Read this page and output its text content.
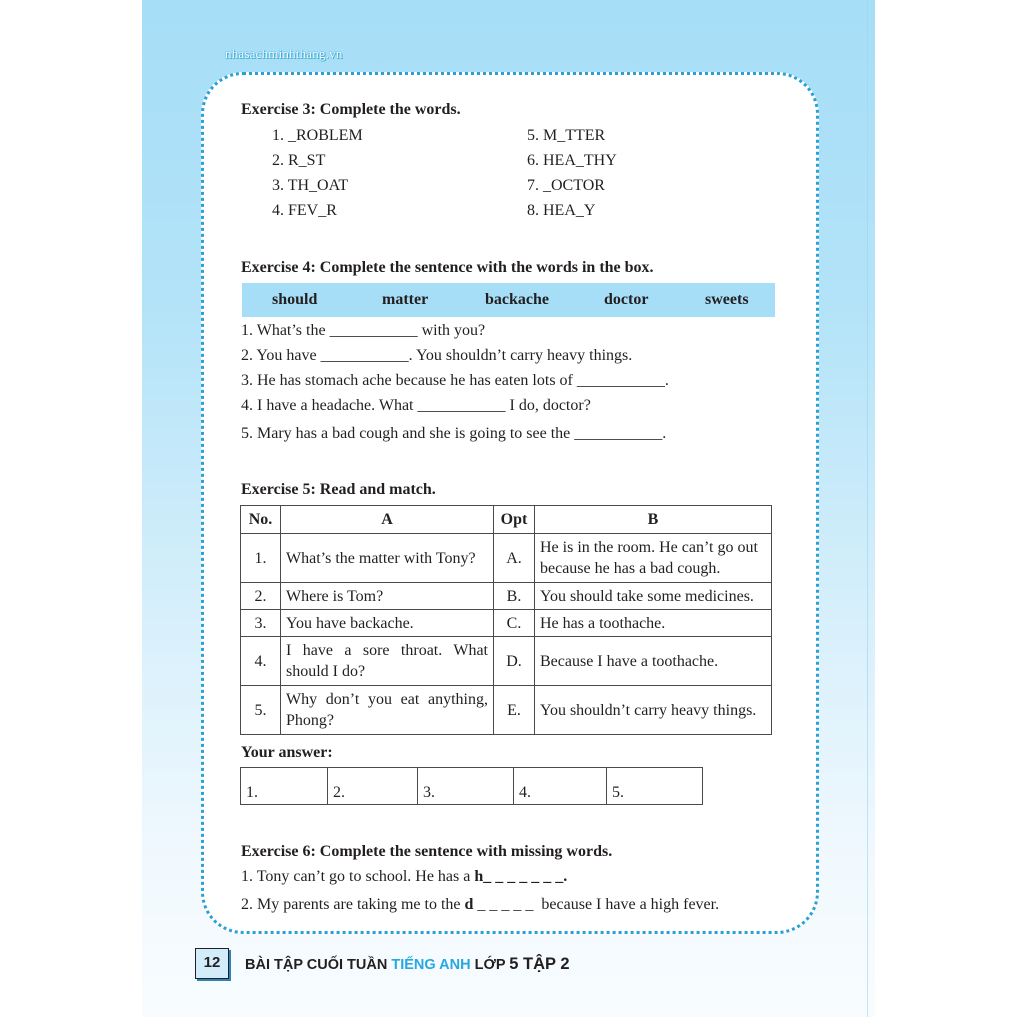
nhasachminhthang.vn
Exercise 3: Complete the words.
1. _ROBLEM
2. R_ST
3. TH_OAT
4. FEV_R
5. M_TTER
6. HEA_THY
7. _OCTOR
8. HEA_Y
Exercise 4: Complete the sentence with the words in the box.
should	matter	backache	doctor	sweets
1. What’s the ___________ with you?
2. You have ___________. You shouldn’t carry heavy things.
3. He has stomach ache because he has eaten lots of ___________.
4. I have a headache. What ___________ I do, doctor?
5. Mary has a bad cough and she is going to see the ___________.
Exercise 5: Read and match.
No.	A	Opt	B
1.	What’s the matter with Tony?	A.	He is in the room. He can’t go out because he has a bad cough.
2.	Where is Tom?	B.	You should take some medicines.
3.	You have backache.	C.	He has a toothache.
4.	I have a sore throat. What should I do?	D.	Because I have a toothache.
5.	Why don’t you eat anything, Phong?	E.	You shouldn’t carry heavy things.
Your answer:
1.	2.	3.	4.	5.
Exercise 6: Complete the sentence with missing words.
1. Tony can’t go to school. He has a h_ _ _ _ _ _ _.
2. My parents are taking me to the d _ _ _ _ _  because I have a high fever.
12	BÀI TẬP CUỐI TUẦN TIẾNG ANH LỚP 5 TẬP 2
